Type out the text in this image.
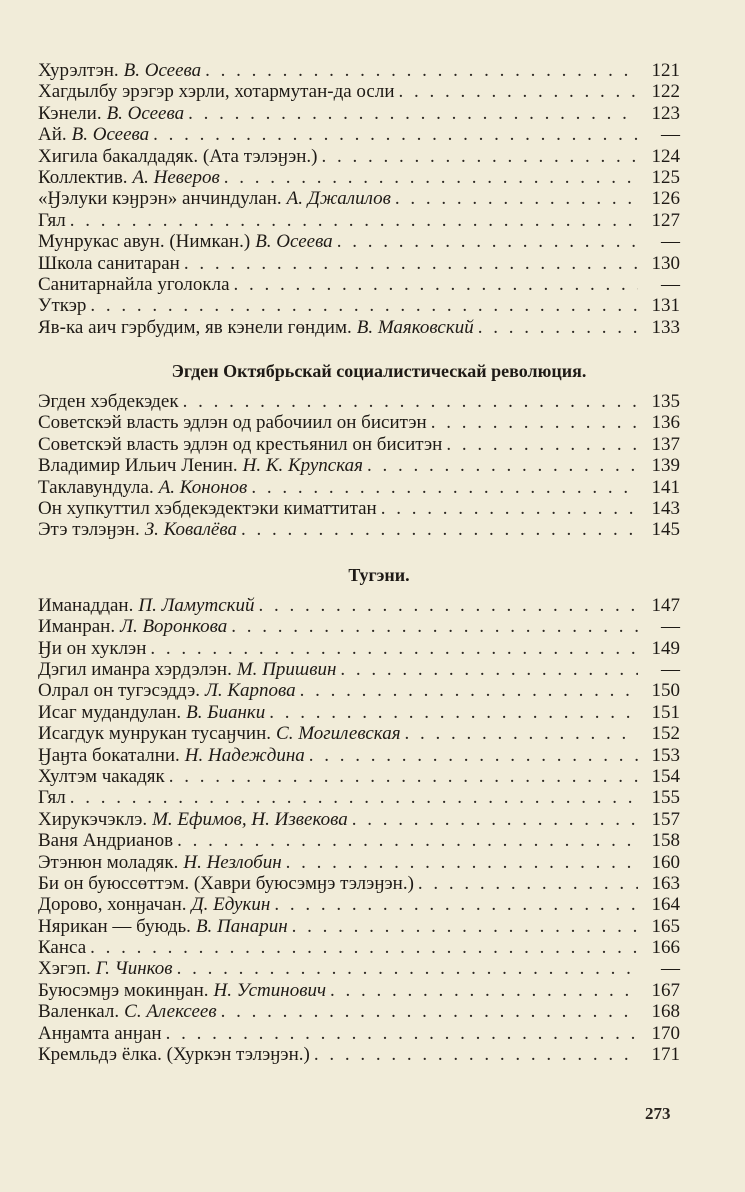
Хурэлтэн. В. Осеева . . .	121
Хагдылбу эрэгэр хэрли, хотармутан-да осли . . .	122
Кэнели. В. Осеева . . .	123
Ай. В. Осеева . . .	—
Хигила бакалдадяк. (Ата тэлэӈэн.) . . .	124
Коллектив. А. Неверов . . .	125
«Ӈэлуки кэӈрэн» анчиндулан. А. Джалилов . . .	126
Гял . . .	127
Мунрукас авун. (Нимкан.) В. Осеева . . .	—
Школа санитаран . . .	130
Санитарнайла уголокла . . .	—
Уткэр . . .	131
Яв-ка аич гэрбудим, яв кэнели гөндим. В. Маяковский . . .	133
Эгден Октябрьскай социалистическай революция.
Эгден хэбдекэдек . . .	135
Советскэй власть эдлэн од рабочиил он биситэн . . .	136
Советскэй власть эдлэн од крестьянил он биситэн . . .	137
Владимир Ильич Ленин. Н. К. Крупская . . .	139
Таклавундула. А. Кононов . . .	141
Он хупкуттил хэбдекэдектэки киматтитан . . .	143
Этэ тэлэӈэн. З. Ковалёва . . .	145
Тугэни.
Иманаддан. П. Ламутский . . .	147
Иманран. Л. Воронкова . . .	—
Ӈи он хуклэн . . .	149
Дэгил иманра хэрдэлэн. М. Пришвин . . .	—
Олрал он тугэсэддэ. Л. Карпова . . .	150
Исаг мудандулан. В. Бианки . . .	151
Исагдук мунрукан тусаӈчин. С. Могилевская . . .	152
Ӈаӈта бокатални. Н. Надеждина . . .	153
Хултэм чакадяк . . .	154
Гял . . .	155
Хирукэчэклэ. М. Ефимов, Н. Извекова . . .	157
Ваня Андрианов . . .	158
Этэнюн моладяк. Н. Незлобин . . .	160
Би он буюссөттэм. (Хаври буюсэмӈэ тэлэӈэн.) . . .	163
Дорово, хонӈачан. Д. Едукин . . .	164
Нярикан — буюдь. В. Панарин . . .	165
Канса . . .	166
Хэгэп. Г. Чинков . . .	—
Буюсэмӈэ мокинӈан. Н. Устинович . . .	167
Валенкал. С. Алексеев . . .	168
Анӈамта анӈан . . .	170
Кремльдэ ёлка. (Хуркэн тэлэӈэн.) . . .	171
273
